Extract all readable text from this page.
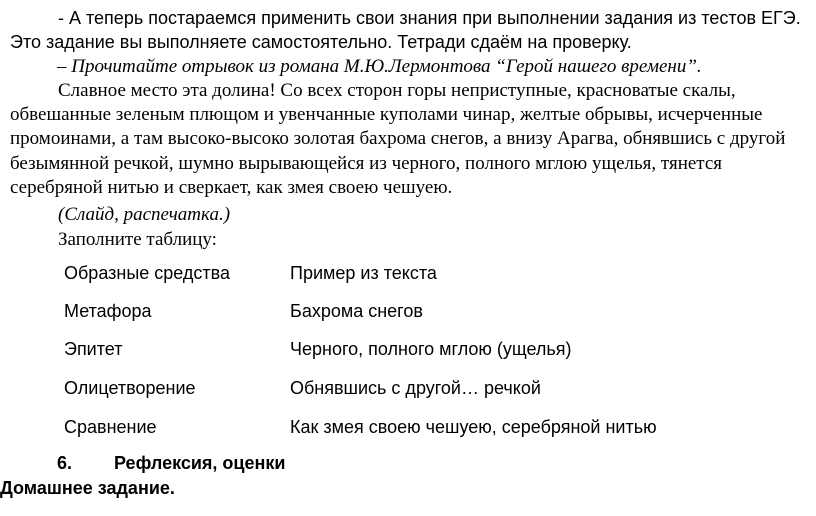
- А теперь постараемся применить свои знания при выполнении задания из тестов ЕГЭ.
Это задание вы выполняете самостоятельно. Тетради сдаём на проверку.
– Прочитайте отрывок из романа М.Ю.Лермонтова “Герой нашего времени”.
Славное место эта долина! Со всех сторон горы неприступные, красноватые скалы,
обвешанные зеленым плющом и увенчанные куполами чинар, желтые обрывы, исчерченные
промоинами, а там высоко-высоко золотая бахрома снегов, а внизу Арагва, обнявшись с другой
безымянной речкой, шумно вырывающейся из черного, полного мглою ущелья, тянется
серебряной нитью и сверкает, как змея своею чешуею.
(Слайд, распечатка.)
Заполните таблицу:
Образные средства	Пример из текста
Метафора	Бахрома снегов
Эпитет	Черного, полного мглою (ущелья)
Олицетворение	Обнявшись с другой… речкой
Сравнение	Как змея своею чешуею, серебряной нитью
6. Рефлексия, оценки
Домашнее задание.
